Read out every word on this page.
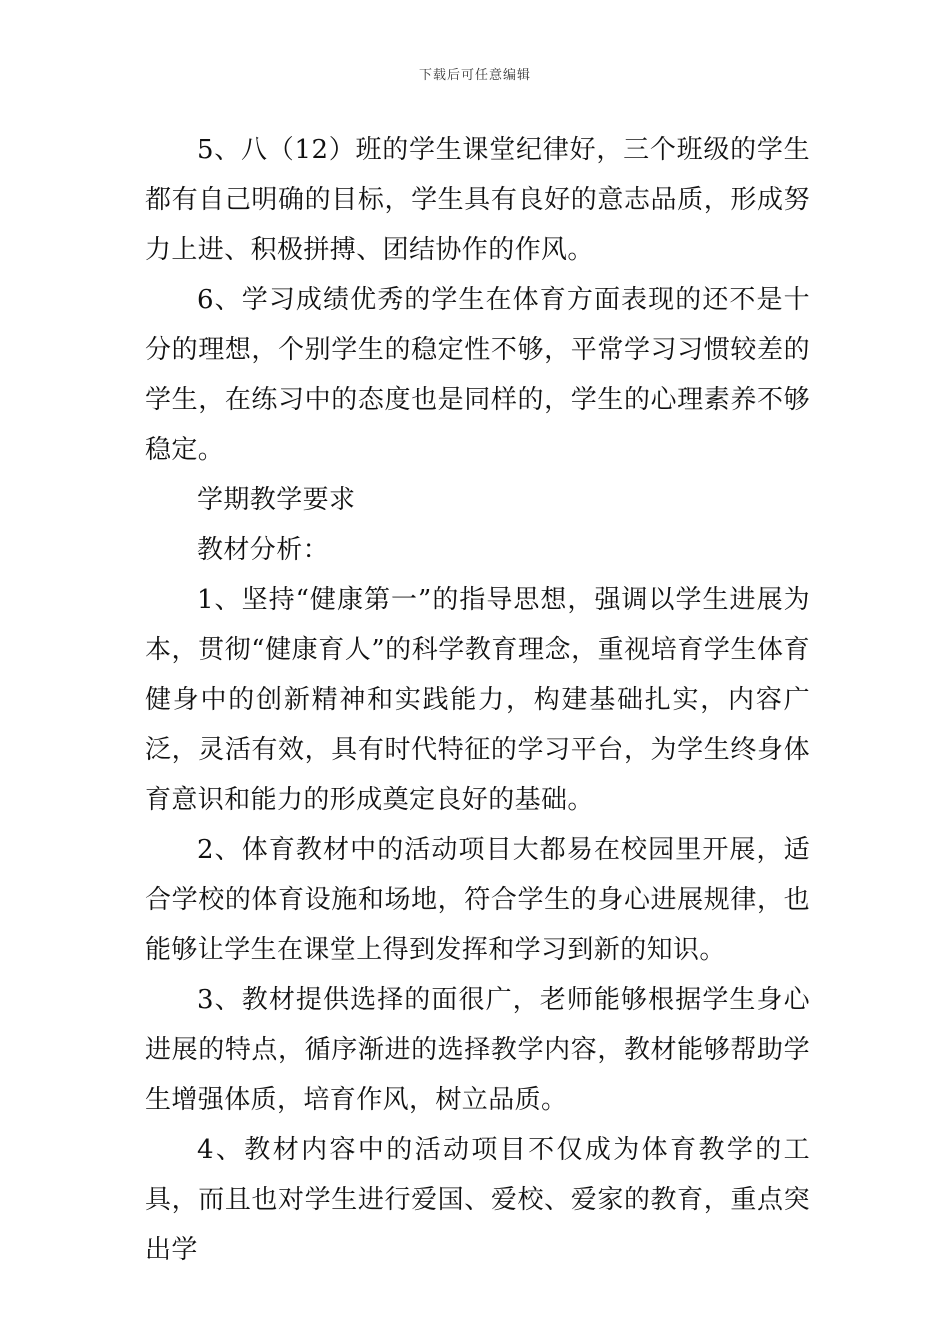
下载后可任意编辑

5、八（12）班的学生课堂纪律好，三个班级的学生都有自己明确的目标，学生具有良好的意志品质，形成努力上进、积极拼搏、团结协作的作风。

6、学习成绩优秀的学生在体育方面表现的还不是十分的理想，个别学生的稳定性不够，平常学习习惯较差的学生，在练习中的态度也是同样的，学生的心理素养不够稳定。

学期教学要求

教材分析：

1、坚持“健康第一”的指导思想，强调以学生进展为本，贯彻“健康育人”的科学教育理念，重视培育学生体育健身中的创新精神和实践能力，构建基础扎实，内容广泛，灵活有效，具有时代特征的学习平台，为学生终身体育意识和能力的形成奠定良好的基础。

2、体育教材中的活动项目大都易在校园里开展，适合学校的体育设施和场地，符合学生的身心进展规律，也能够让学生在课堂上得到发挥和学习到新的知识。

3、教材提供选择的面很广，老师能够根据学生身心进展的特点，循序渐进的选择教学内容，教材能够帮助学生增强体质，培育作风，树立品质。

4、教材内容中的活动项目不仅成为体育教学的工具，而且也对学生进行爱国、爱校、爱家的教育，重点突出学
